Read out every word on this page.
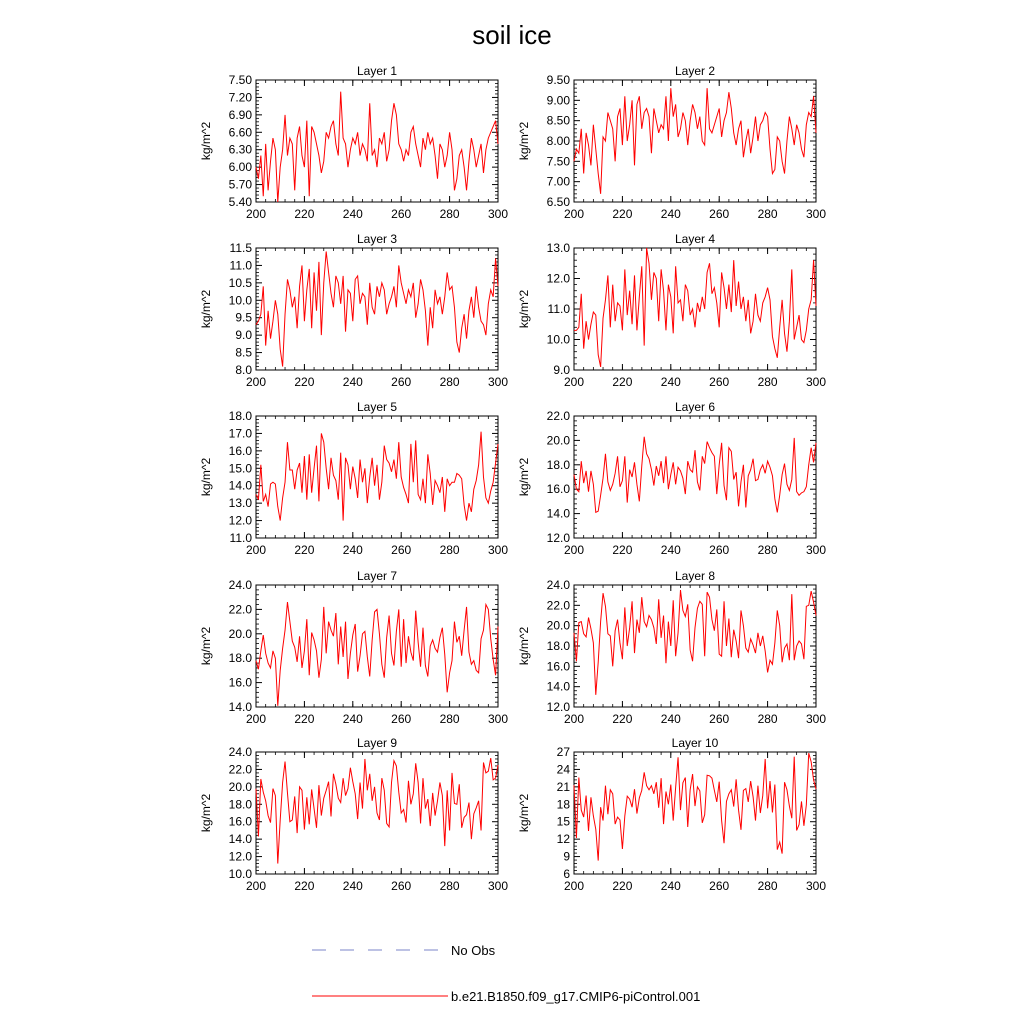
soil ice
Layer 1
kg/m^2
200 220 240 260 280 300
5.40
5.70
6.00
6.30
6.60
6.90
7.20
7.50
Layer 2
kg/m^2
200 220 240 260 280 300
6.50
7.00
7.50
8.00
8.50
9.00
9.50
Layer 3
kg/m^2
200 220 240 260 280 300
8.0
8.5
9.0
9.5
10.0
10.5
11.0
11.5
Layer 4
kg/m^2
200 220 240 260 280 300
9.0
10.0
11.0
12.0
13.0
Layer 5
kg/m^2
200 220 240 260 280 300
11.0
12.0
13.0
14.0
15.0
16.0
17.0
18.0
Layer 6
kg/m^2
200 220 240 260 280 300
12.0
14.0
16.0
18.0
20.0
22.0
Layer 7
kg/m^2
200 220 240 260 280 300
14.0
16.0
18.0
20.0
22.0
24.0
Layer 8
kg/m^2
200 220 240 260 280 300
12.0
14.0
16.0
18.0
20.0
22.0
24.0
Layer 9
kg/m^2
200 220 240 260 280 300
10.0
12.0
14.0
16.0
18.0
20.0
22.0
24.0
Layer 10
kg/m^2
200 220 240 260 280 300
6
9
12
15
18
21
24
27
No Obs
b.e21.B1850.f09_g17.CMIP6-piControl.001
